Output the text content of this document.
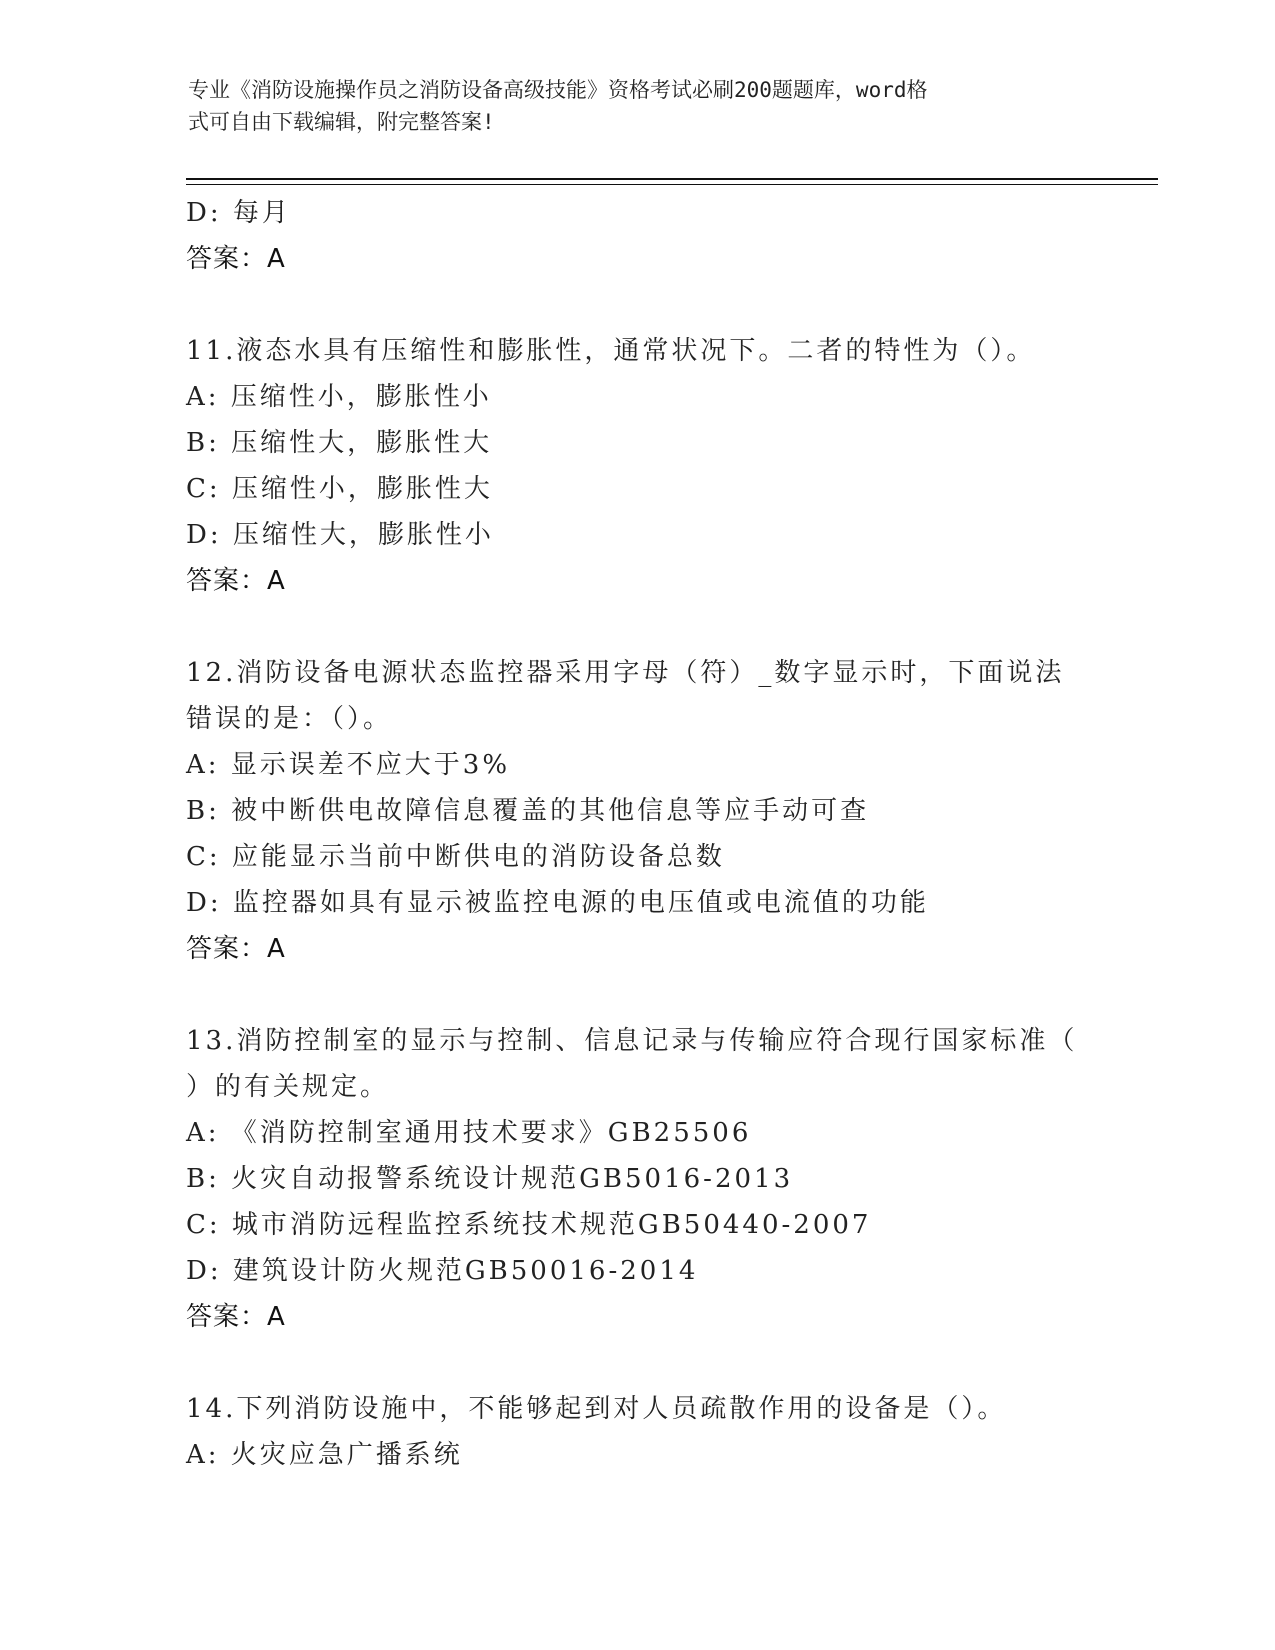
专业《消防设施操作员之消防设备高级技能》资格考试必刷200题题库，word格
式可自由下载编辑，附完整答案!
D: 每月
答案：A
11.液态水具有压缩性和膨胀性，通常状况下。二者的特性为（）。
A: 压缩性小，膨胀性小
B: 压缩性大，膨胀性大
C: 压缩性小，膨胀性大
D: 压缩性大，膨胀性小
答案：A
12.消防设备电源状态监控器采用字母（符）_数字显示时，下面说法
错误的是：（）。
A: 显示误差不应大于3%
B: 被中断供电故障信息覆盖的其他信息等应手动可查
C: 应能显示当前中断供电的消防设备总数
D: 监控器如具有显示被监控电源的电压值或电流值的功能
答案：A
13.消防控制室的显示与控制、信息记录与传输应符合现行国家标准（
）的有关规定。
A: 《消防控制室通用技术要求》GB25506
B: 火灾自动报警系统设计规范GB5016-2013
C: 城市消防远程监控系统技术规范GB50440-2007
D: 建筑设计防火规范GB50016-2014
答案：A
14.下列消防设施中，不能够起到对人员疏散作用的设备是（）。
A: 火灾应急广播系统
